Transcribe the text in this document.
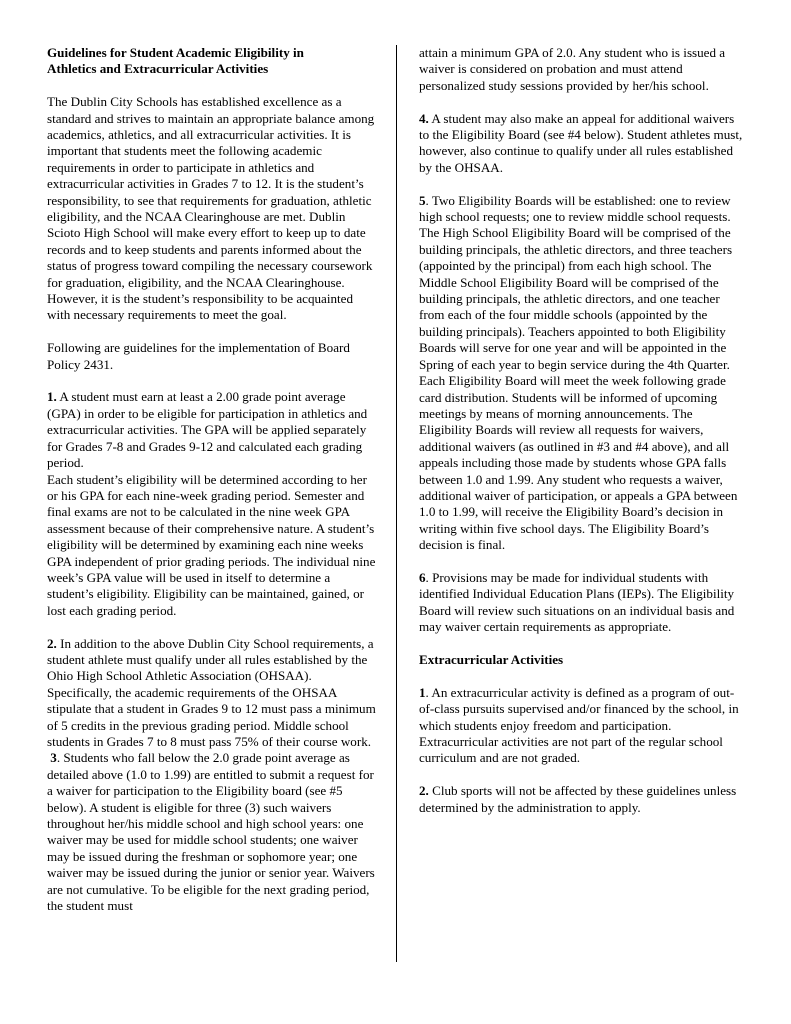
Guidelines for Student Academic Eligibility in
Athletics and Extracurricular Activities

The Dublin City Schools has established excellence as a standard and strives to maintain an appropriate balance among academics, athletics, and all extracurricular activities. It is important that students meet the following academic requirements in order to participate in athletics and extracurricular activities in Grades 7 to 12. It is the student’s responsibility, to see that requirements for graduation, athletic eligibility, and the NCAA Clearinghouse are met. Dublin Scioto High School will make every effort to keep up to date records and to keep students and parents informed about the status of progress toward compiling the necessary coursework for graduation, eligibility, and the NCAA Clearinghouse. However, it is the student’s responsibility to be acquainted with necessary requirements to meet the goal.

Following are guidelines for the implementation of Board Policy 2431.

1. A student must earn at least a 2.00 grade point average (GPA) in order to be eligible for participation in athletics and extracurricular activities. The GPA will be applied separately for Grades 7-8 and Grades 9-12 and calculated each grading period.

Each student’s eligibility will be determined according to her or his GPA for each nine-week grading period. Semester and final exams are not to be calculated in the nine week GPA assessment because of their comprehensive nature. A student’s eligibility will be determined by examining each nine weeks GPA independent of prior grading periods. The individual nine week’s GPA value will be used in itself to determine a student’s eligibility. Eligibility can be maintained, gained, or lost each grading period.

2. In addition to the above Dublin City School requirements, a student athlete must qualify under all rules established by the Ohio High School Athletic Association (OHSAA). Specifically, the academic requirements of the OHSAA stipulate that a student in Grades 9 to 12 must pass a minimum of 5 credits in the previous grading period. Middle school students in Grades 7 to 8 must pass 75% of their course work.

3. Students who fall below the 2.0 grade point average as detailed above (1.0 to 1.99) are entitled to submit a request for a waiver for participation to the Eligibility board (see #5 below). A student is eligible for three (3) such waivers throughout her/his middle school and high school years: one waiver may be used for middle school students; one waiver may be issued during the freshman or sophomore year; one waiver may be issued during the junior or senior year. Waivers are not cumulative. To be eligible for the next grading period, the student must

attain a minimum GPA of 2.0. Any student who is issued a waiver is considered on probation and must attend personalized study sessions provided by her/his school.

4. A student may also make an appeal for additional waivers to the Eligibility Board (see #4 below). Student athletes must, however, also continue to qualify under all rules established by the OHSAA.

5. Two Eligibility Boards will be established: one to review high school requests; one to review middle school requests. The High School Eligibility Board will be comprised of the building principals, the athletic directors, and three teachers (appointed by the principal) from each high school. The Middle School Eligibility Board will be comprised of the building principals, the athletic directors, and one teacher from each of the four middle schools (appointed by the building principals). Teachers appointed to both Eligibility Boards will serve for one year and will be appointed in the Spring of each year to begin service during the 4th Quarter. Each Eligibility Board will meet the week following grade card distribution. Students will be informed of upcoming meetings by means of morning announcements. The Eligibility Boards will review all requests for waivers, additional waivers (as outlined in #3 and #4 above), and all appeals including those made by students whose GPA falls between 1.0 and 1.99. Any student who requests a waiver, additional waiver of participation, or appeals a GPA between 1.0 to 1.99, will receive the Eligibility Board’s decision in writing within five school days. The Eligibility Board’s decision is final.

6. Provisions may be made for individual students with identified Individual Education Plans (IEPs). The Eligibility Board will review such situations on an individual basis and may waiver certain requirements as appropriate.

Extracurricular Activities

1. An extracurricular activity is defined as a program of out-of-class pursuits supervised and/or financed by the school, in which students enjoy freedom and participation. Extracurricular activities are not part of the regular school curriculum and are not graded.

2. Club sports will not be affected by these guidelines unless determined by the administration to apply.
